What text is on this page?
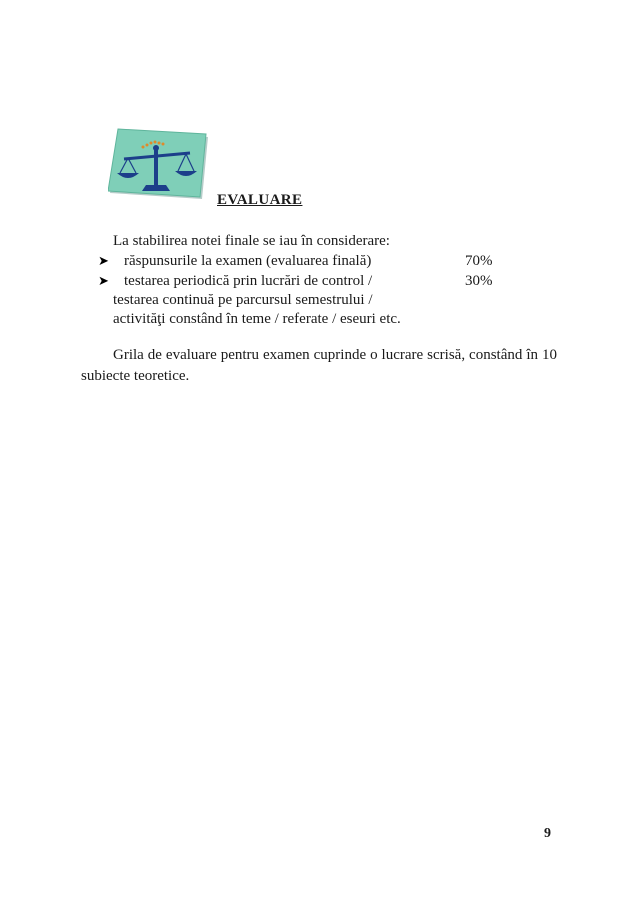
EVALUARE
La stabilirea notei finale se iau în considerare:
➤	răspunsurile la examen (evaluarea finală)	70%
➤	testarea periodică prin lucrări de control /	30%
testarea continuă pe parcursul semestrului /
activităţi constând în teme / referate / eseuri etc.
Grila de evaluare pentru examen cuprinde o lucrare scrisă, constând în 10 subiecte teoretice.
9
